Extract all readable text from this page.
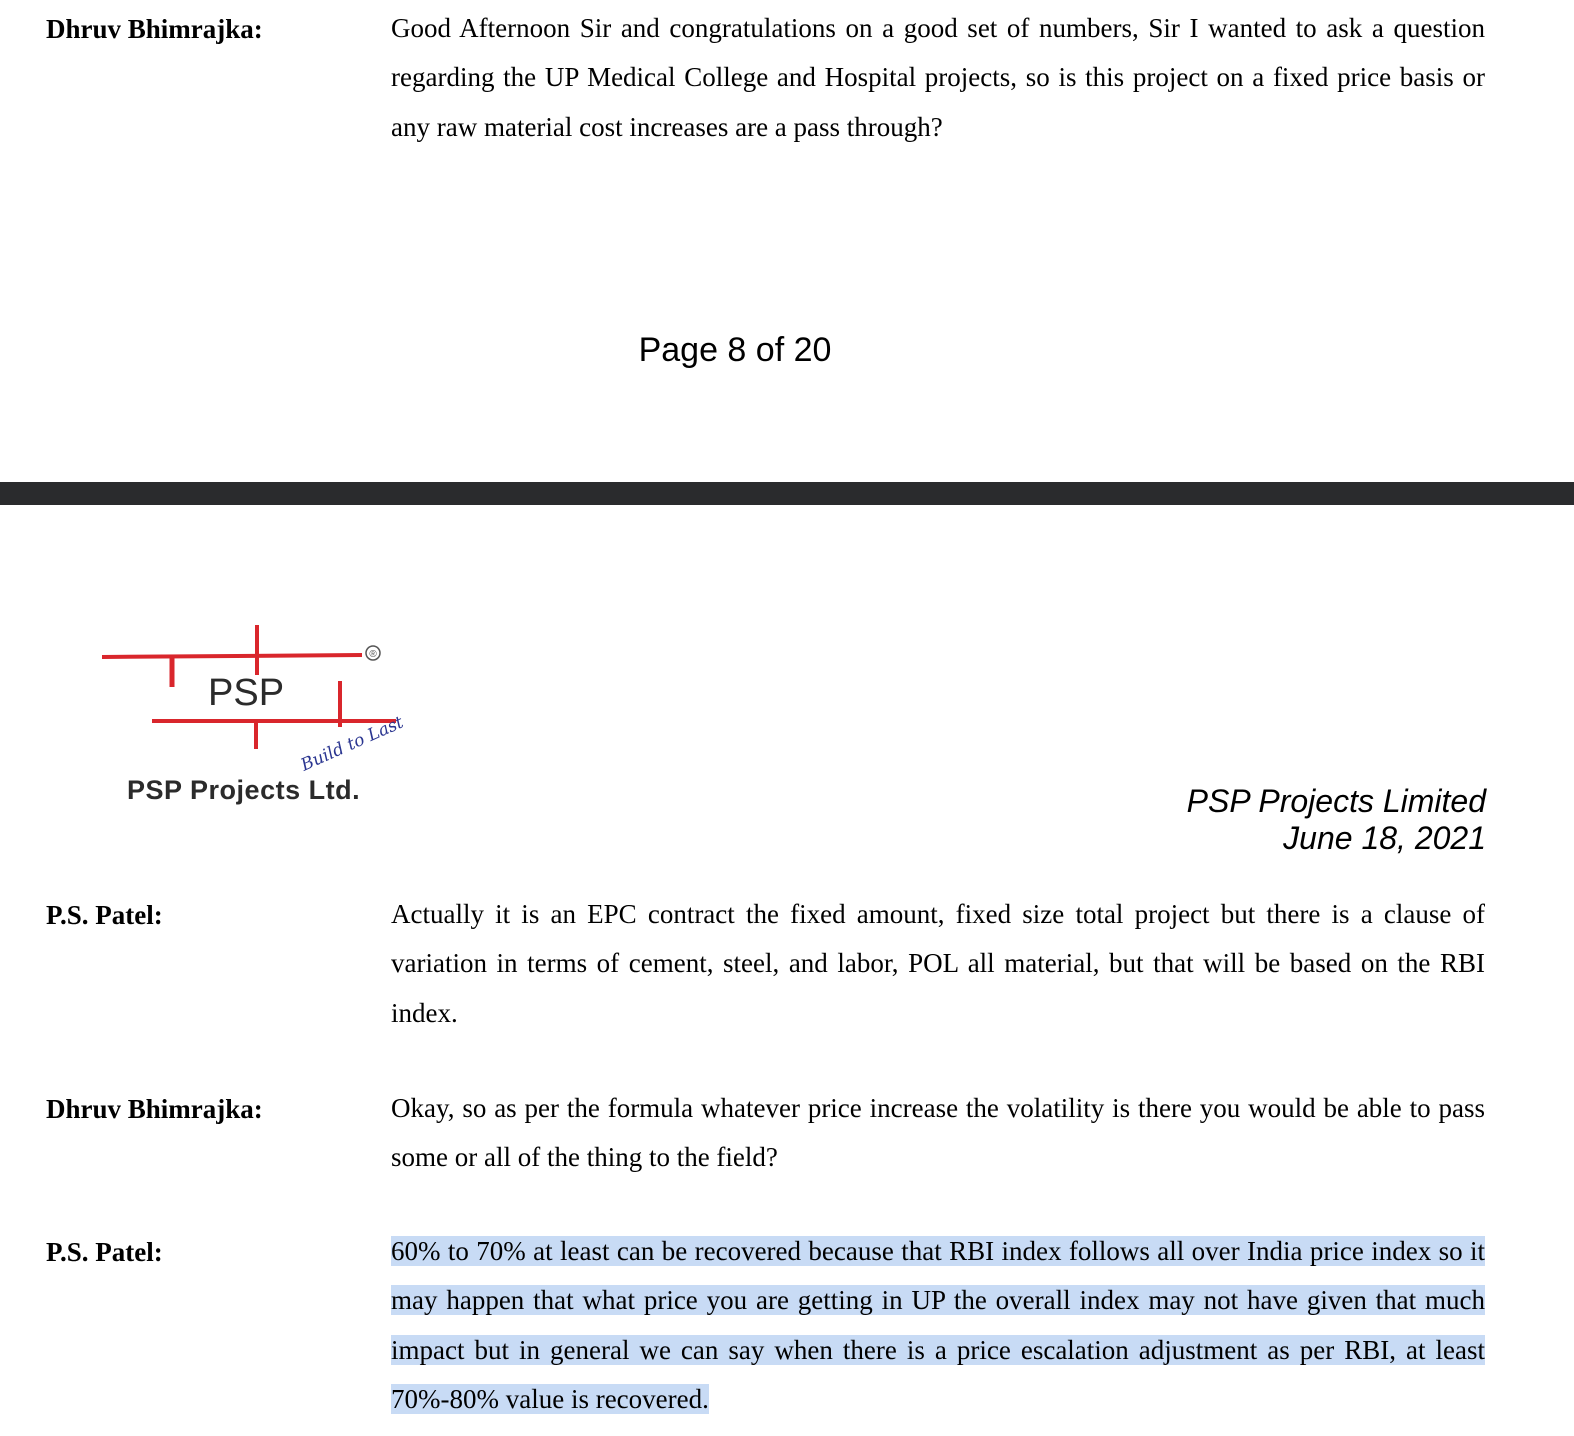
Dhruv Bhimrajka:	Good Afternoon Sir and congratulations on a good set of numbers, Sir I wanted to ask a question regarding the UP Medical College and Hospital projects, so is this project on a fixed price basis or any raw material cost increases are a pass through?
Page 8 of 20
®
PSP
Build to Last
PSP Projects Ltd.	PSP Projects Limited
June 18, 2021
P.S. Patel:	Actually it is an EPC contract the fixed amount, fixed size total project but there is a clause of variation in terms of cement, steel, and labor, POL all material, but that will be based on the RBI index.
Dhruv Bhimrajka:	Okay, so as per the formula whatever price increase the volatility is there you would be able to pass some or all of the thing to the field?
P.S. Patel:	60% to 70% at least can be recovered because that RBI index follows all over India price index so it may happen that what price you are getting in UP the overall index may not have given that much impact but in general we can say when there is a price escalation adjustment as per RBI, at least 70%-80% value is recovered.
